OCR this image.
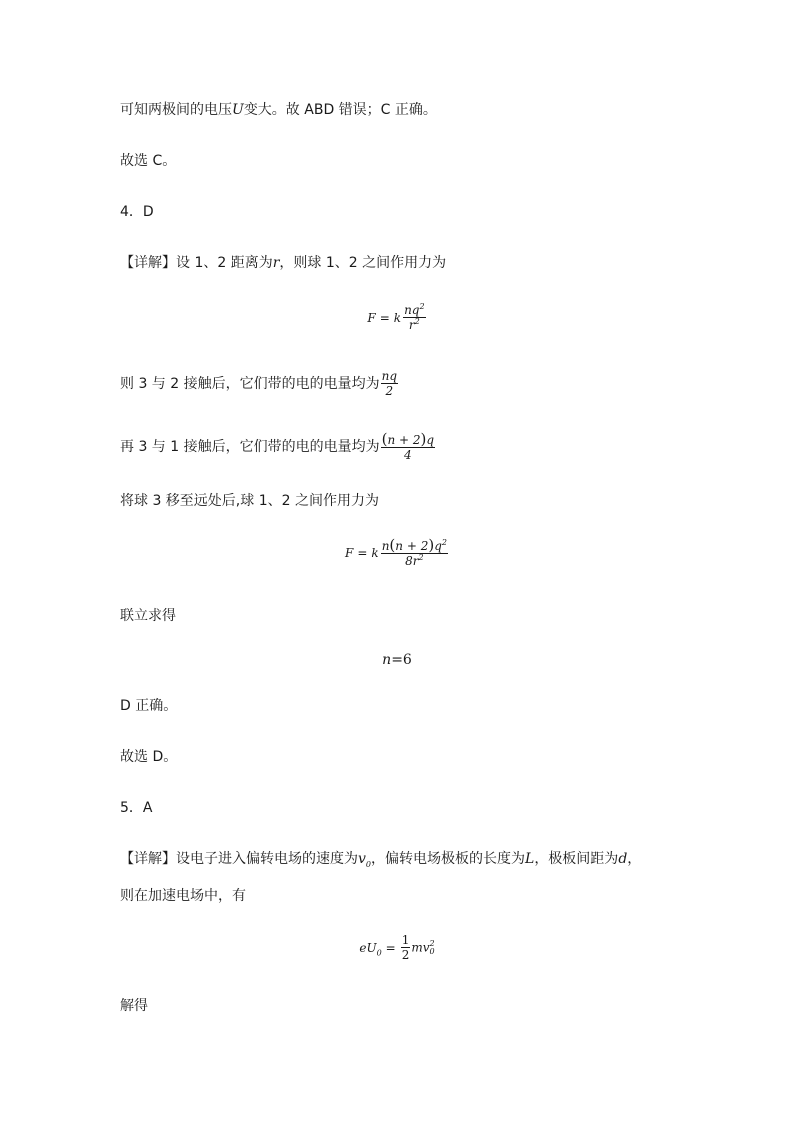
可知两极间的电压 U 变大。故 ABD 错误；C 正确。
故选 C。
4．D
【详解】设 1、2 距离为 r ，则球 1、2 之间作用力为
F = k $\frac{nq^2}{r^2}$
则 3 与 2 接触后，它们带的电的电量均为 $\frac{nq}{2}$
再 3 与 1 接触后，它们带的电的电量均为 $\frac{(n + 2)q}{4}$
将球 3 移至远处后,球 1、2 之间作用力为
F = k $\frac{n(n + 2)q^2}{8r^2}$
联立求得
n =6
D 正确。
故选 D。
5．A
【详解】设电子进入偏转电场的速度为 $v_0$ ，偏转电场极板的长度为 L ，极板间距为 d ，
则在加速电场中，有
e $U_0 = \frac{1}{2}$ mv 2
0
解得
